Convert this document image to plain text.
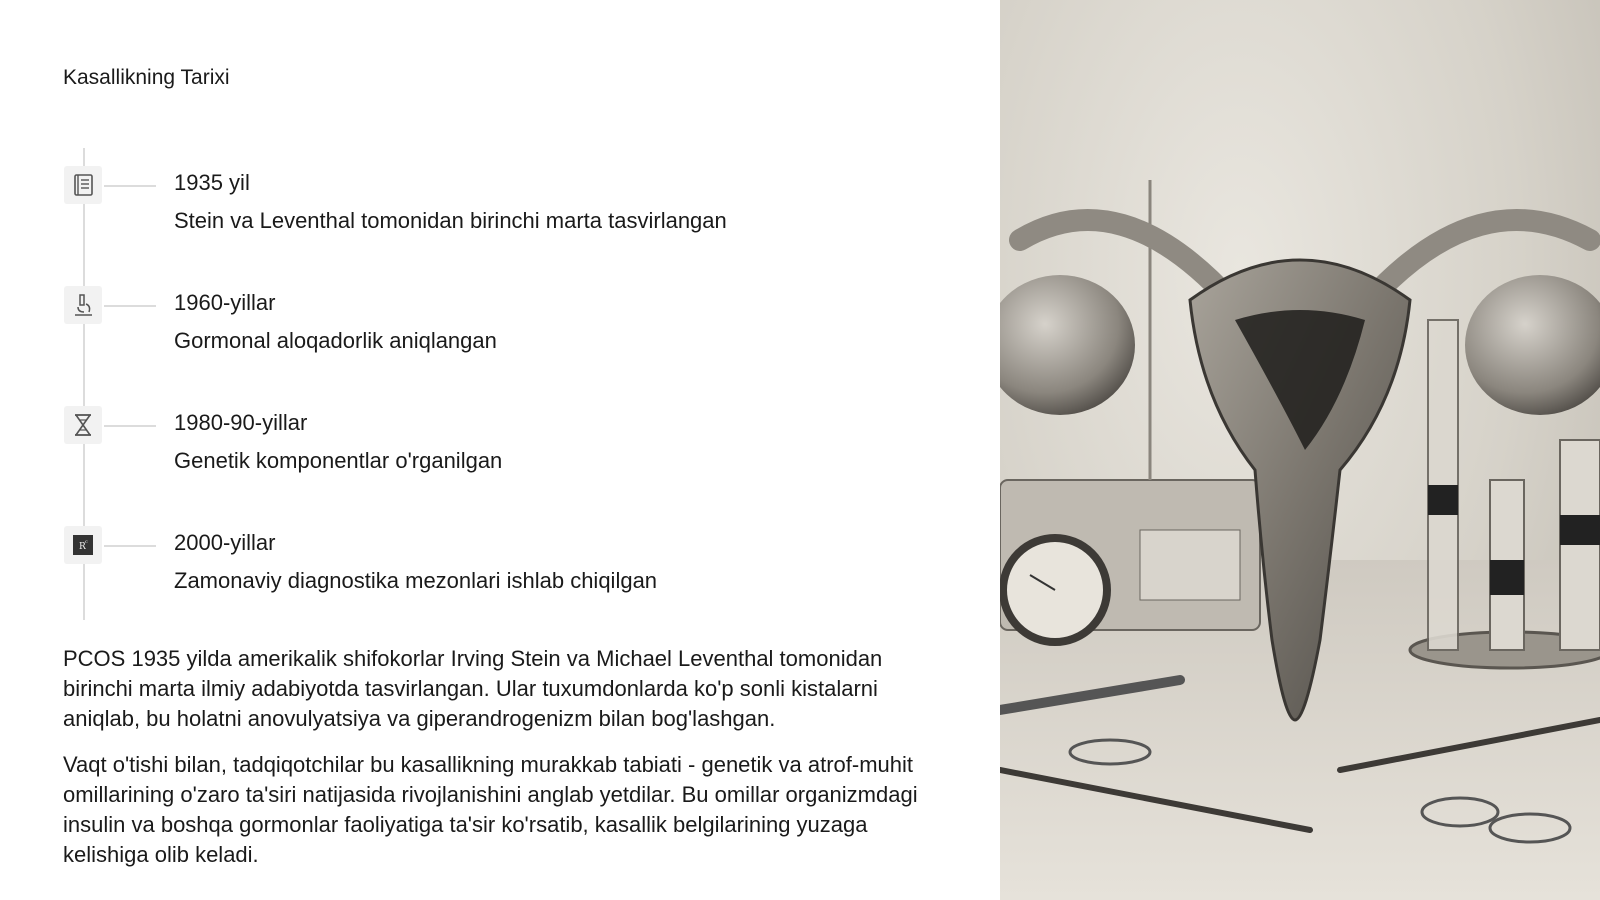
Kasallikning Tarixi
1935 yil
Stein va Leventhal tomonidan birinchi marta tasvirlangan
1960-yillar
Gormonal aloqadorlik aniqlangan
1980-90-yillar
Genetik komponentlar o'rganilgan
R c	2000-yillar
Zamonaviy diagnostika mezonlari ishlab chiqilgan

PCOS 1935 yilda amerikalik shifokorlar Irving Stein va Michael Leventhal tomonidan birinchi marta ilmiy adabiyotda tasvirlangan. Ular tuxumdonlarda ko'p sonli kistalarni aniqlab, bu holatni anovulyatsiya va giperandrogenizm bilan bog'lashgan.

Vaqt o'tishi bilan, tadqiqotchilar bu kasallikning murakkab tabiati - genetik va atrof-muhit omillarining o'zaro ta'siri natijasida rivojlanishini anglab yetdilar. Bu omillar organizmdagi insulin va boshqa gormonlar faoliyatiga ta'sir ko'rsatib, kasallik belgilarining yuzaga kelishiga olib keladi.
